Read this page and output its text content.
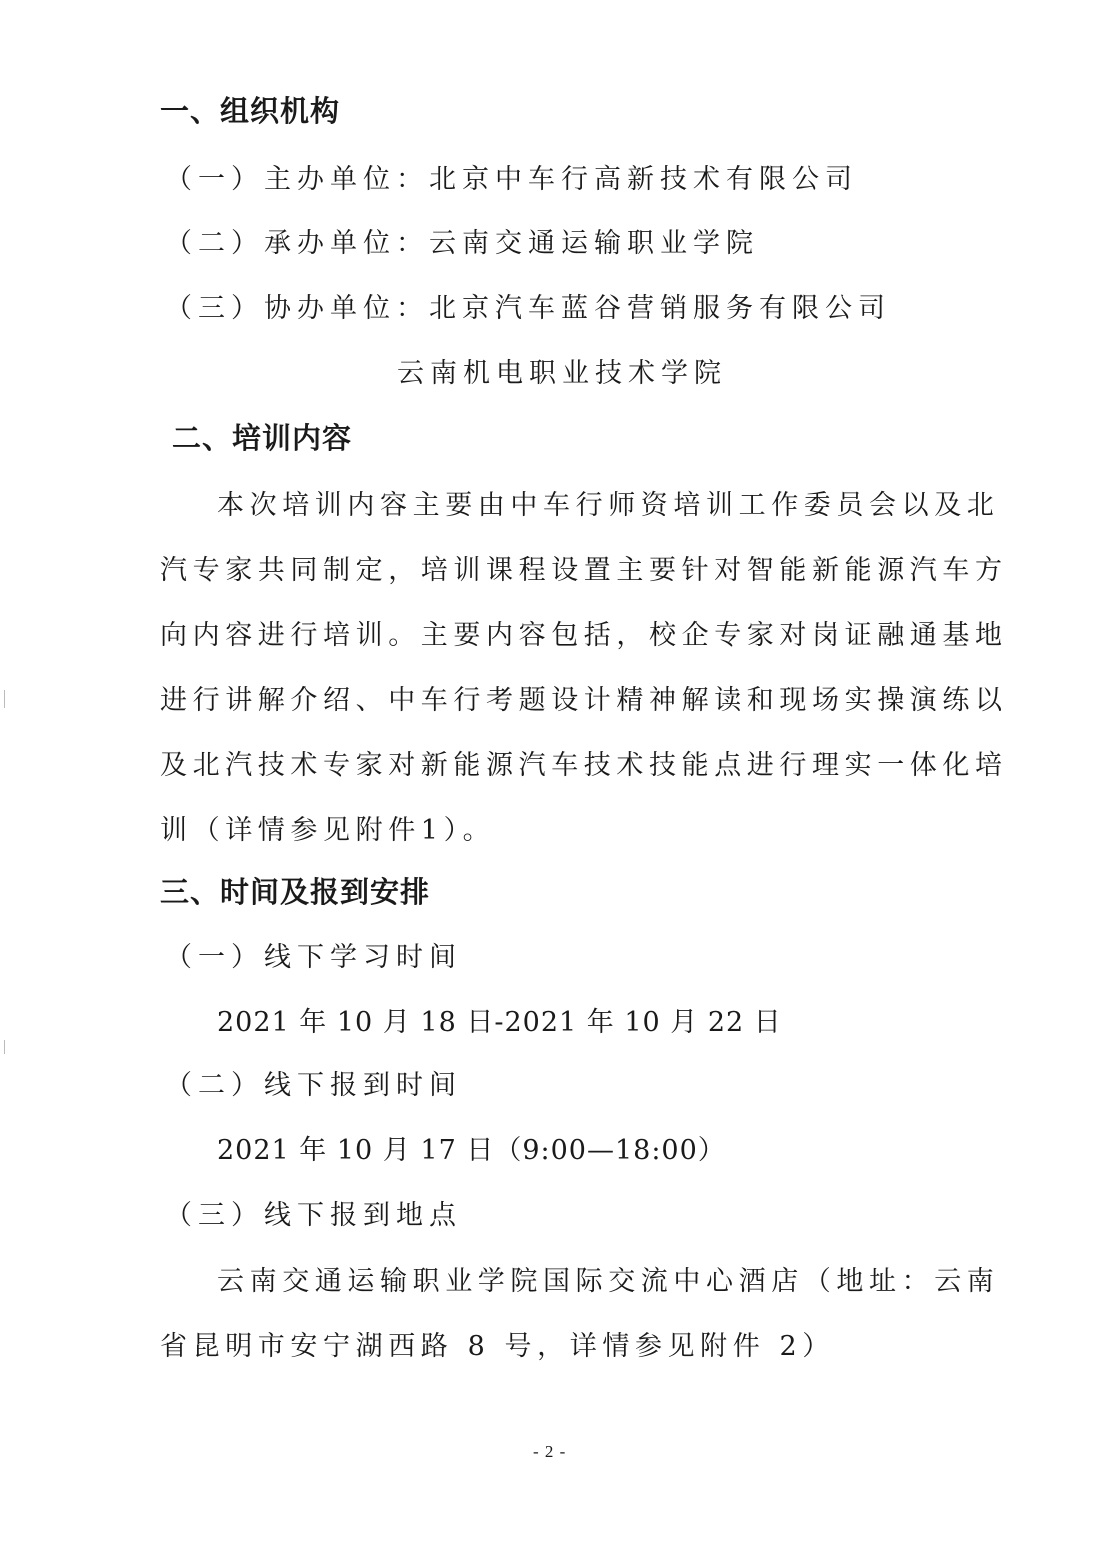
一、组织机构
（一）主办单位：北京中车行高新技术有限公司
（二）承办单位：云南交通运输职业学院
（三）协办单位：北京汽车蓝谷营销服务有限公司
云南机电职业技术学院
二、培训内容
本次培训内容主要由中车行师资培训工作委员会以及北
汽专家共同制定，培训课程设置主要针对智能新能源汽车方
向内容进行培训。主要内容包括，校企专家对岗证融通基地
进行讲解介绍、中车行考题设计精神解读和现场实操演练以
及北汽技术专家对新能源汽车技术技能点进行理实一体化培
训（详情参见附件1）。
三、时间及报到安排
（一）线下学习时间
2021 年 10 月 18 日-2021 年 10 月 22 日
（二）线下报到时间
2021 年 10 月 17 日（9:00—18:00）
（三）线下报到地点
云南交通运输职业学院国际交流中心酒店（地址：云南
省昆明市安宁湖西路 8 号，详情参见附件 2）
- 2 -
